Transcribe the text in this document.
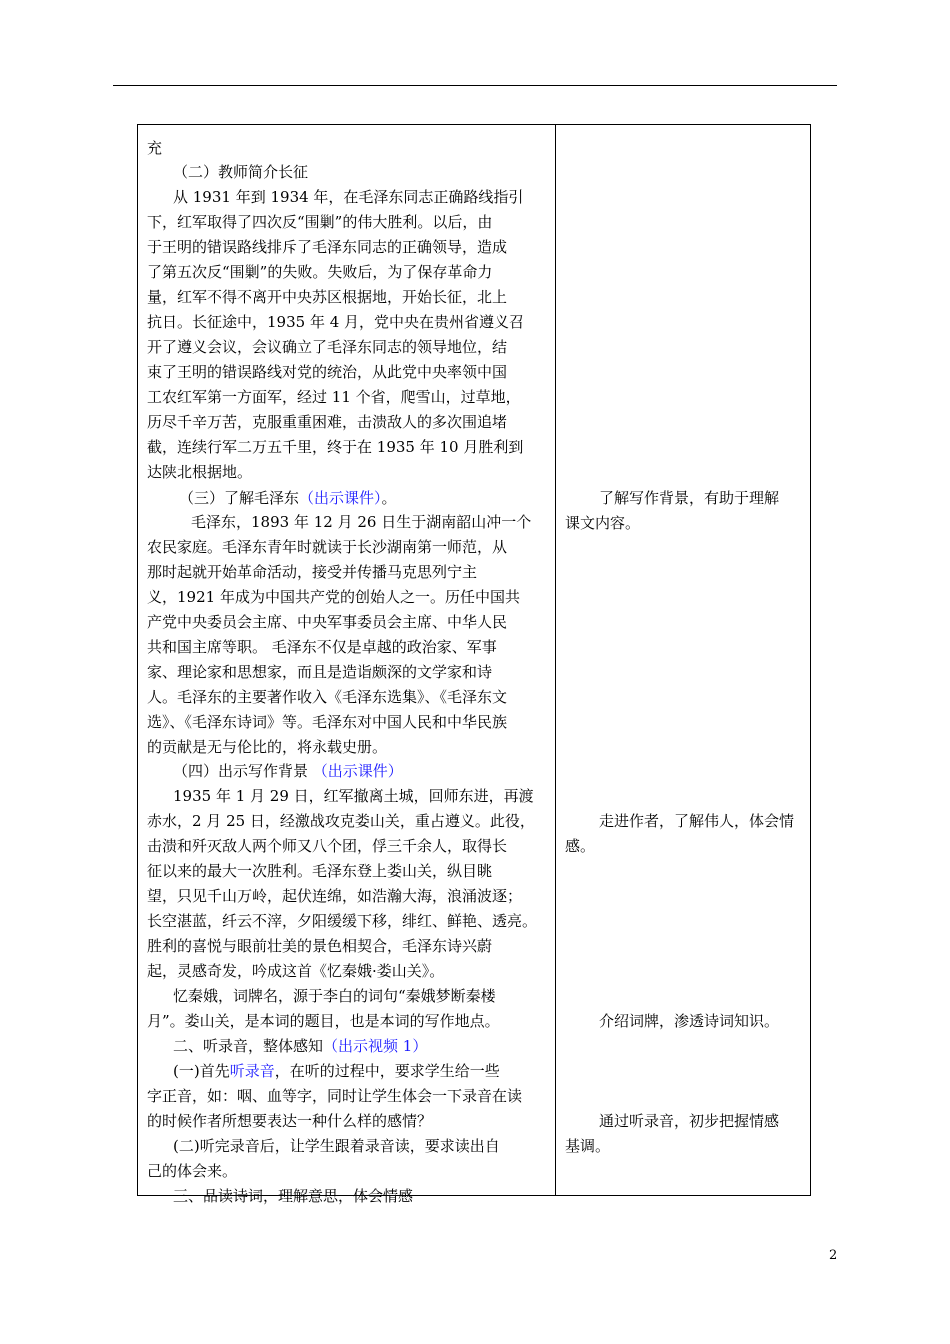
充
（二）教师简介长征
从 1931 年到 1934 年，在毛泽东同志正确路线指引
下，红军取得了四次反“围剿”的伟大胜利。以后，由
于王明的错误路线排斥了毛泽东同志的正确领导，造成
了第五次反“围剿”的失败。失败后，为了保存革命力
量，红军不得不离开中央苏区根据地，开始长征，北上
抗日。长征途中，1935 年 4 月，党中央在贵州省遵义召
开了遵义会议，会议确立了毛泽东同志的领导地位，结
束了王明的错误路线对党的统治，从此党中央率领中国
工农红军第一方面军，经过 11 个省，爬雪山，过草地，
历尽千辛万苦，克服重重困难，击溃敌人的多次围追堵
截，连续行军二万五千里，终于在 1935 年 10 月胜利到
达陕北根据地。
（三）了解毛泽东（出示课件）。
毛泽东，1893 年 12 月 26 日生于湖南韶山冲一个
农民家庭。毛泽东青年时就读于长沙湖南第一师范，从
那时起就开始革命活动，接受并传播马克思列宁主
义，1921 年成为中国共产党的创始人之一。历任中国共
产党中央委员会主席、中央军事委员会主席、中华人民
共和国主席等职。 毛泽东不仅是卓越的政治家、军事
家、理论家和思想家，而且是造诣颇深的文学家和诗
人。毛泽东的主要著作收入《毛泽东选集》、《毛泽东文
选》、《毛泽东诗词》等。毛泽东对中国人民和中华民族
的贡献是无与伦比的，将永载史册。
（四）出示写作背景 （出示课件）
1935 年 1 月 29 日，红军撤离土城，回师东进，再渡
赤水，2 月 25 日，经激战攻克娄山关，重占遵义。此役，
击溃和歼灭敌人两个师又八个团，俘三千余人，取得长
征以来的最大一次胜利。毛泽东登上娄山关，纵目眺
望，只见千山万岭，起伏连绵，如浩瀚大海，浪涌波逐；
长空湛蓝，纤云不滓，夕阳缓缓下移，绯红、鲜艳、透亮。
胜利的喜悦与眼前壮美的景色相契合，毛泽东诗兴蔚
起，灵感奇发，吟成这首《忆秦娥·娄山关》。
忆秦娥，词牌名，源于李白的词句“秦娥梦断秦楼
月”。娄山关，是本词的题目，也是本词的写作地点。
二、听录音，整体感知（出示视频 1）
(一)首先听录音，在听的过程中，要求学生给一些
字正音，如：咽、血等字，同时让学生体会一下录音在读
的时候作者所想要表达一种什么样的感情？
(二)听完录音后，让学生跟着录音读，要求读出自
己的体会来。
三、品读诗词，理解意思，体会情感
了解写作背景，有助于理解
课文内容。
走进作者，了解伟人，体会情
感。
介绍词牌，渗透诗词知识。
通过听录音，初步把握情感
基调。
2
